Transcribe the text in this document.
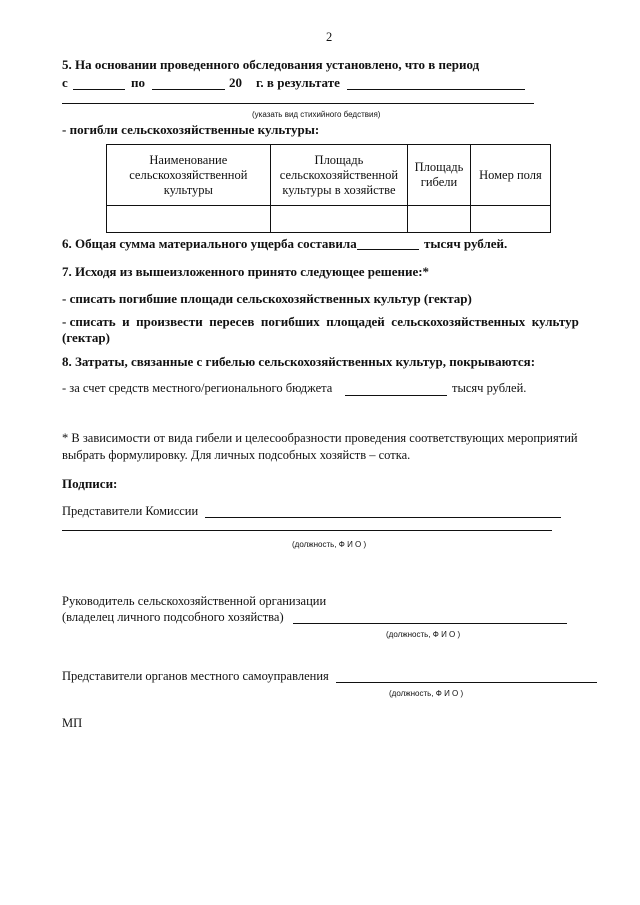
2
5. На основании проведенного обследования установлено, что в период
с	по	20 г. в результате
(указать вид стихийного бедствия)
- погибли сельскохозяйственные культуры:
Наименование сельскохозяйственной культуры	Площадь сельскохозяйственной культуры в хозяйстве	Площадь гибели	Номер поля

6. Общая сумма материального ущерба составила	тысяч рублей.
7. Исходя из вышеизложенного принято следующее решение:*
- списать погибшие площади сельскохозяйственных культур (гектар)
- списать  и  произвести  пересев  погибших  площадей  сельскохозяйственных  культур
(гектар)
8. Затраты, связанные с гибелью сельскохозяйственных культур, покрываются:
- за счет средств местного/регионального бюджета	тысяч рублей.
* В зависимости от вида гибели и целесообразности проведения соответствующих мероприятий
выбрать формулировку. Для личных подсобных хозяйств – сотка.
Подписи:
Представители Комиссии
(должность, Ф И О )
Руководитель сельскохозяйственной организации
(владелец личного подсобного хозяйства)
(должность, Ф И О )
Представители органов местного самоуправления
(должность, Ф И О )
МП
